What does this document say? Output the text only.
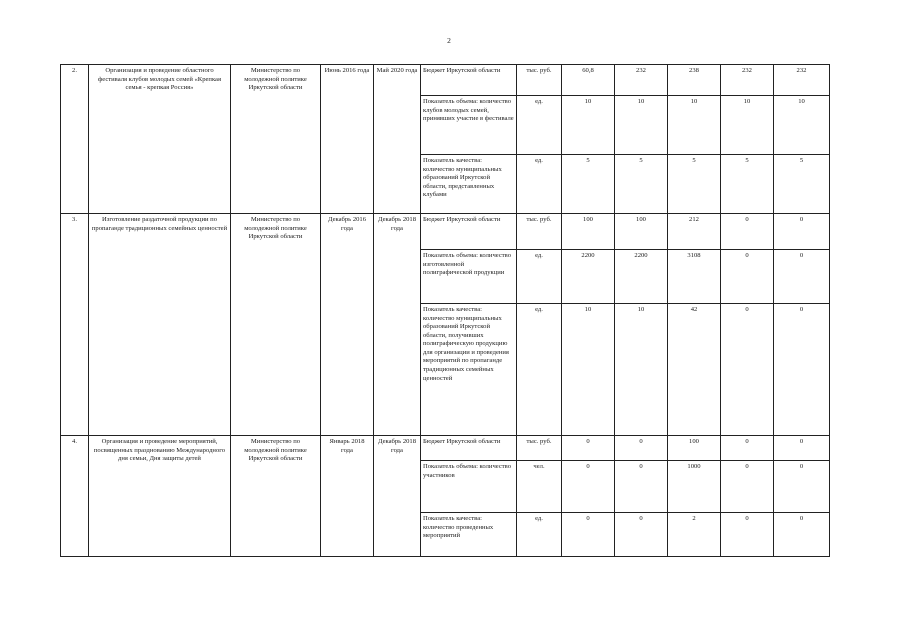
2
2.	Организация и проведение областного фестиваля клубов молодых семей «Крепкая семья - крепкая Россия»	Министерство по молодежной политике Иркутской области	Июнь 2016 года	Май 2020 года	Бюджет Иркутской области	тыс. руб.	60,8	232	238	232	232
					Показатель объема: количество клубов молодых семей, принявших участие в фестивале	ед.	10	10	10	10	10
					Показатель качества: количество муниципальных образований Иркутской области, представленных клубами	ед.	5	5	5	5	5
3.	Изготовление раздаточной продукции по пропаганде традиционных семейных ценностей	Министерство по молодежной политике Иркутской области	Декабрь 2016 года	Декабрь 2018 года	Бюджет Иркутской области	тыс. руб.	100	100	212	0	0
					Показатель объема: количество изготовленной полиграфической продукции	ед.	2200	2200	3108	0	0
					Показатель качества: количество муниципальных образований Иркутской области, получивших полиграфическую продукцию для организации и проведения мероприятий по пропаганде традиционных семейных ценностей	ед.	10	10	42	0	0
4.	Организация и проведение мероприятий, посвященных празднованию Международного дня семьи, Дня защиты детей	Министерство по молодежной политике Иркутской области	Январь 2018 года	Декабрь 2018 года	Бюджет Иркутской области	тыс. руб.	0	0	100	0	0
					Показатель объема: количество участников	чел.	0	0	1000	0	0
					Показатель качества: количество проведенных мероприятий	ед.	0	0	2	0	0
